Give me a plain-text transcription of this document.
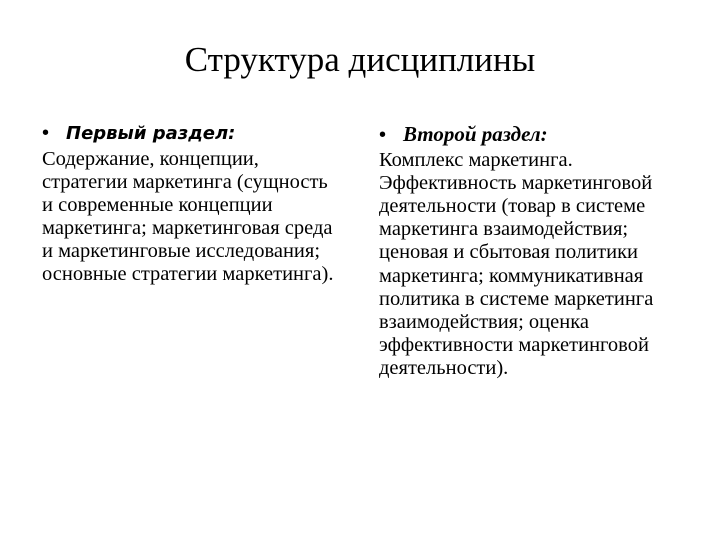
Структура дисциплины
• Первый раздел:

Содержание, концепции, стратегии маркетинга (сущность и современные концепции маркетинга; маркетинговая среда и маркетинговые исследования; основные стратегии маркетинга).

• Второй раздел:

Комплекс маркетинга. Эффективность маркетинговой деятельности (товар в системе маркетинга взаимодействия; ценовая и сбытовая политики маркетинга; коммуникативная политика в системе маркетинга взаимодействия; оценка эффективности маркетинговой деятельности).
